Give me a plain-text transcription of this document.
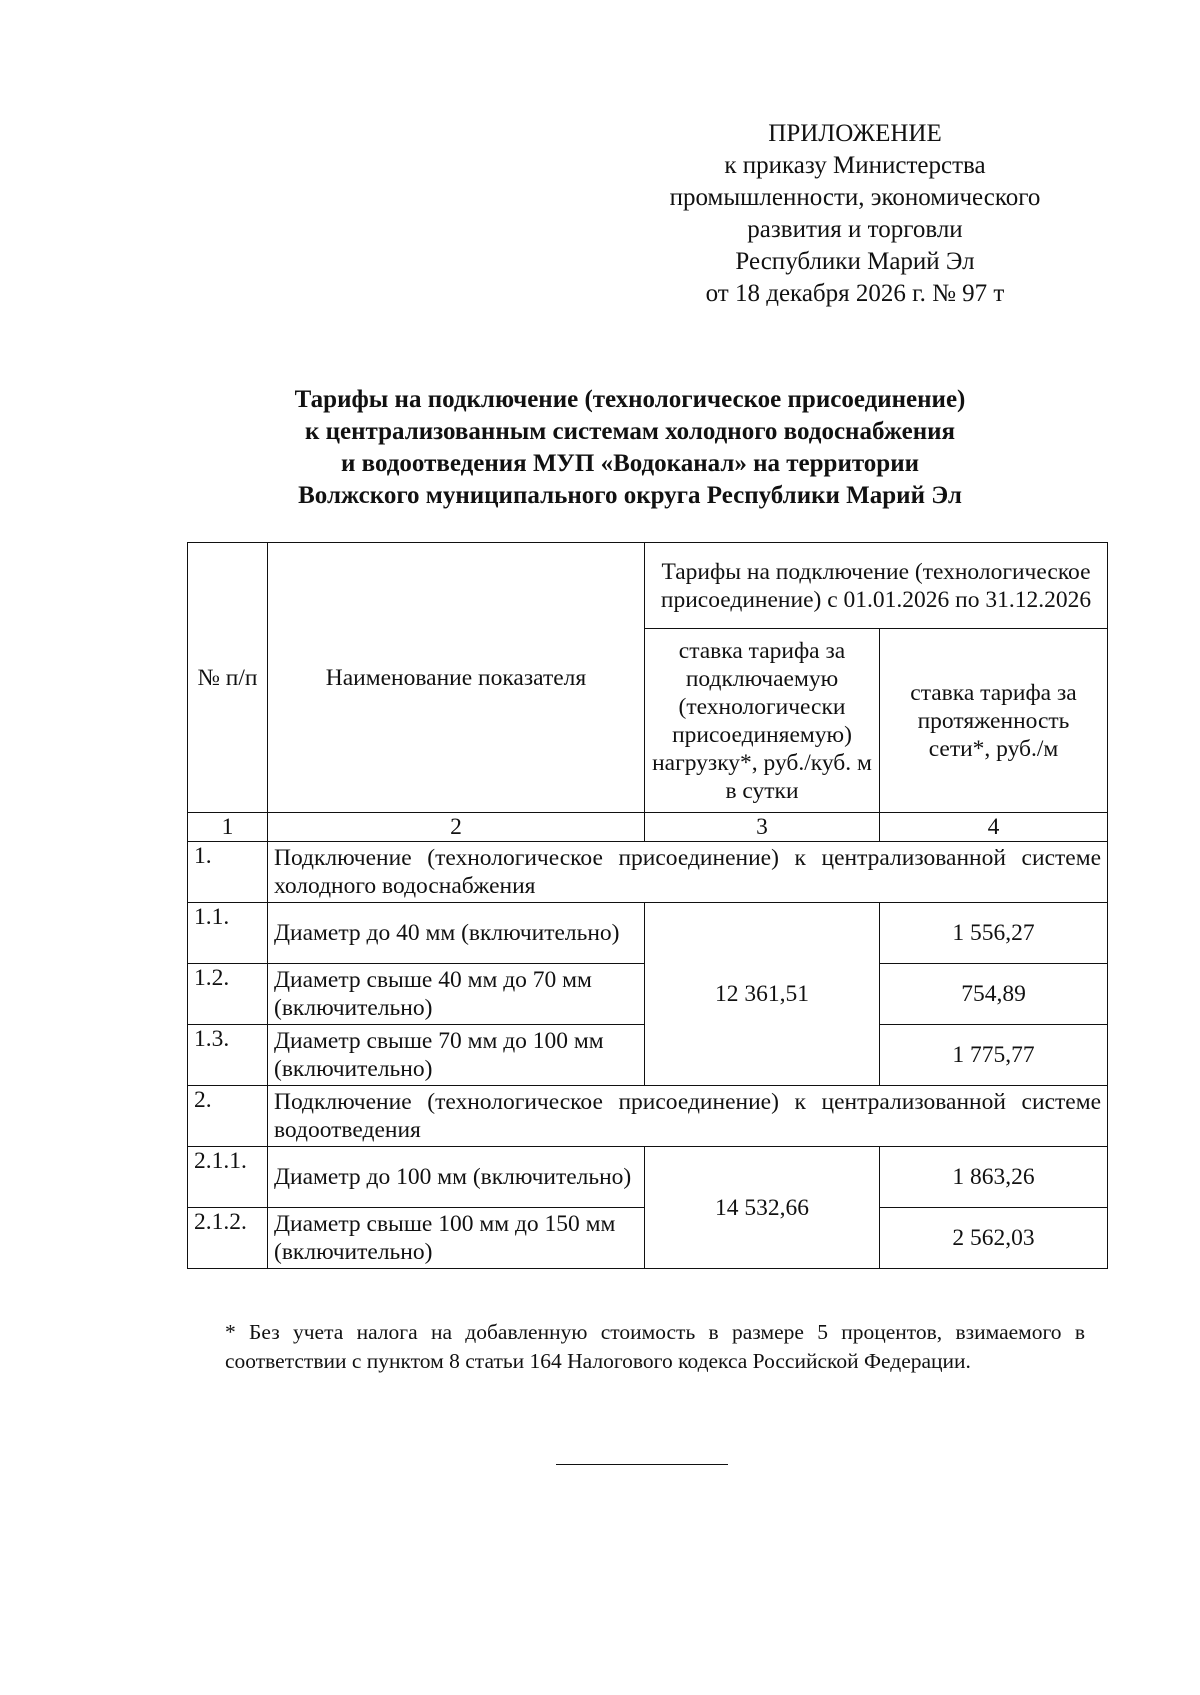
ПРИЛОЖЕНИЕ
к приказу Министерства
промышленности, экономического
развития и торговли
Республики Марий Эл
от 18 декабря 2026 г. № 97 т
Тарифы на подключение (технологическое присоединение)
к централизованным системам холодного водоснабжения
и водоотведения МУП «Водоканал» на территории
Волжского муниципального округа Республики Марий Эл
№ п/п	Наименование показателя	Тарифы на подключение (технологическое присоединение) с 01.01.2026 по 31.12.2026	
		ставка тарифа за подключаемую (технологически присоединяемую) нагрузку*, руб./куб. м в сутки	ставка тарифа за протяженность сети*, руб./м
1	2	3	4
1.	Подключение (технологическое присоединение) к централизованной системе холодного водоснабжения		
1.1.	Диаметр до 40 мм (включительно)	12 361,51	1 556,27
1.2.	Диаметр свыше 40 мм до 70 мм (включительно)		754,89
1.3.	Диаметр свыше 70 мм до 100 мм (включительно)		1 775,77
2.	Подключение (технологическое присоединение) к централизованной системе водоотведения		
2.1.1.	Диаметр до 100 мм (включительно)	14 532,66	1 863,26
2.1.2.	Диаметр свыше 100 мм до 150 мм (включительно)		2 562,03
* Без учета налога на добавленную стоимость в размере 5 процентов, взимаемого в соответствии с пунктом 8 статьи 164 Налогового кодекса Российской Федерации.
